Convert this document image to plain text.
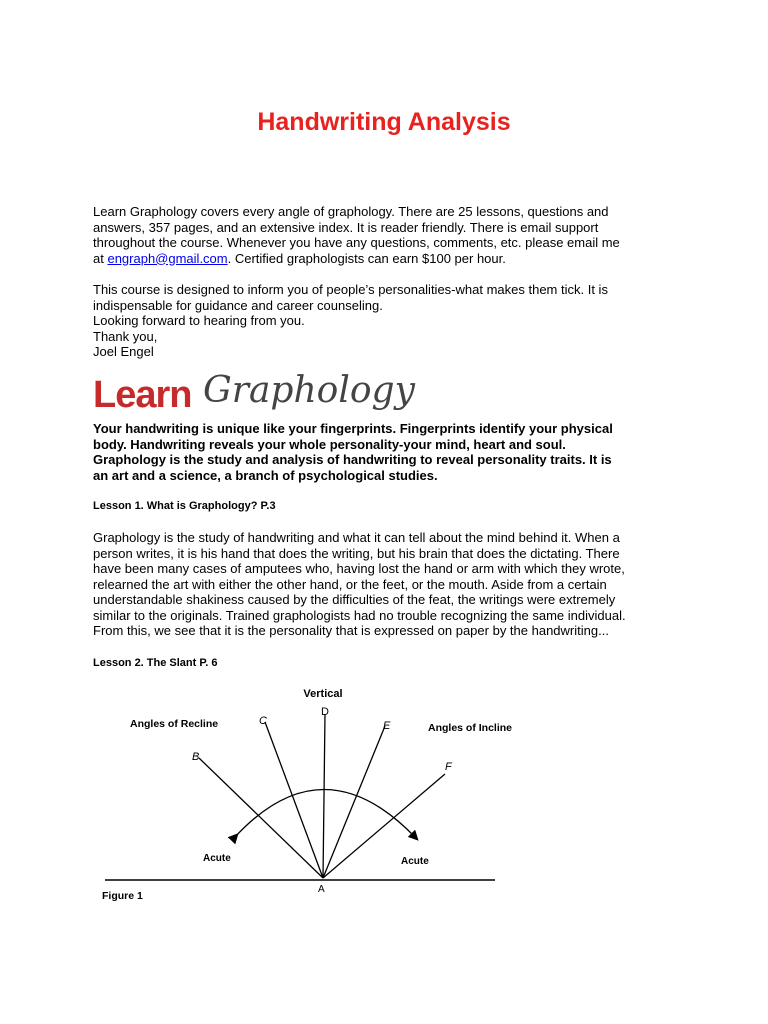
Handwriting Analysis
Learn Graphology covers every angle of graphology. There are 25 lessons, questions and
answers, 357 pages, and an extensive index. It is reader friendly. There is email support
throughout the course. Whenever you have any questions, comments, etc. please email me
at engraph@gmail.com. Certified graphologists can earn $100 per hour.
This course is designed to inform you of people’s personalities-what makes them tick. It is
indispensable for guidance and career counseling.
Looking forward to hearing from you.
Thank you,
Joel Engel
Learn Graphology
Your handwriting is unique like your fingerprints. Fingerprints identify your physical
body. Handwriting reveals your whole personality-your mind, heart and soul.
Graphology is the study and analysis of handwriting to reveal personality traits. It is
an art and a science, a branch of psychological studies.
Lesson 1. What is Graphology? P.3
Graphology is the study of handwriting and what it can tell about the mind behind it. When a
person writes, it is his hand that does the writing, but his brain that does the dictating. There
have been many cases of amputees who, having lost the hand or arm with which they wrote,
relearned the art with either the other hand, or the feet, or the mouth. Aside from a certain
understandable shakiness caused by the difficulties of the feat, the writings were extremely
similar to the originals. Trained graphologists had no trouble recognizing the same individual.
From this, we see that it is the personality that is expressed on paper by the handwriting...
Lesson 2. The Slant P. 6
Vertical
Angles of Recline	Angles of Incline
Acute	Acute
Figure 1
A
B
C
D
E
F
